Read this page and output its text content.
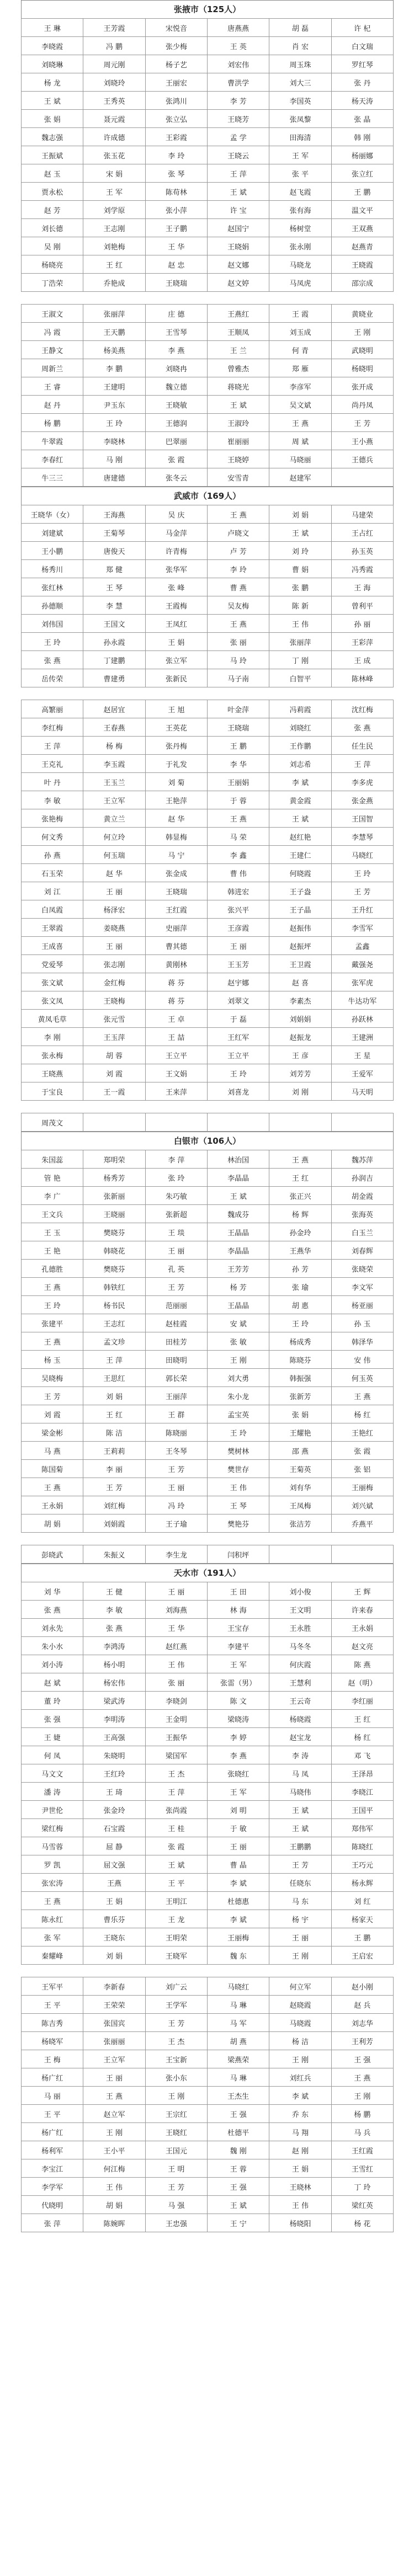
张掖市（125人）
王 琳	王芳霞	宋悦音	唐燕燕	胡 磊	许 杞
李晓霞	冯 鹏	张少梅	王 英	肖 宏	白文瑞
刘晓琳	周元刚	杨子艺	刘宏伟	周玉珠	罗红琴
杨 龙	刘晓玲	王丽宏	曹洪学	刘大三	张 丹
王 斌	王秀英	张鸿川	李 芳	李国英	杨天涛
张 娟	聂元霞	张立弘	王晓芳	张凤黎	张 晶
魏志强	许成德	王彩霞	孟 学	田海清	韩 刚
王振斌	张玉花	李 玲	王晓云	王 军	杨丽娜
赵 玉	宋 娟	张 琴	王 萍	张 平	张立红
贾永松	王 军	陈苟林	王 斌	赵飞霞	王 鹏
赵 芳	刘学原	张小萍	许 宝	张有海	温文平
刘长德	王志刚	王子鹏	赵国宁	杨树堂	王双燕
吴 刚	刘艳梅	王 华	王晓娟	张永刚	赵燕青
杨晓亮	王 红	赵 忠	赵文娜	马晓龙	王晓霞
丁浩荣	乔艳成	王晓瑞	赵文婷	马凤虎	邵宗成
王淑文	张丽萍	庄 德	王燕红	王 霞	黄晓业
冯 霞	王天鹏	王雪琴	王顺凤	刘玉成	王 刚
王静文	杨美燕	李 燕	王 兰	何 青	武晓明
周新兰	李 鹏	刘晓冉	曾雅杰	郑 雁	杨晓明
王 睿	王建明	魏立德	蒋晓光	李彦军	张开成
赵 丹	尹玉东	王晓敏	王 斌	吴文斌	尚丹凤
杨 鹏	王 玲	王德润	王淑玲	王 燕	王 芳
牛翠霞	李晓林	巴翠丽	崔丽丽	周 斌	王小燕
李春红	马 刚	张 霞	王晓婷	马晓丽	王德兵
牛三三	唐建德	张冬云	安雪青	赵建军	
武威市（169人）
王晓华（女）	王海燕	吴 庆	王 燕	刘 娟	马建荣
刘建斌	王菊琴	马金萍	卢晓文	王 斌	王占红
王小鹏	唐俊天	许青梅	卢 芳	刘 玲	孙玉英
杨秀川	郑 健	张华军	李 玲	曹 娟	冯秀霞
张红林	王 琴	张 峰	曹 燕	张 鹏	王 海
孙德顺	李 慧	王霞梅	吴友梅	陈 新	曾利平
刘伟国	王国文	王凤红	王 燕	王 伟	孙 丽
王 玲	孙永霞	王 娟	张 丽	张丽萍	王彩萍
张 燕	丁建鹏	张立军	马 玲	丁 刚	王 成
岳传荣	曹建勇	张新民	马子南	白智平	陈林峰
高繁丽	赵居宜	王 旭	叶金萍	冯莉霞	沈红梅
李红梅	王春燕	王英花	王晓瑞	刘晓红	张 燕
王 萍	杨 梅	张丹梅	王 鹏	王作鹏	任生民
王克礼	李玉霞	于礼发	李 华	刘志希	王 萍
叶 丹	王玉兰	刘 菊	王丽娟	李 斌	李多虎
李 敏	王立军	王艳萍	于 蓉	黄金霞	张金燕
张艳梅	黄立兰	赵 华	王 燕	王 斌	王国智
何文秀	何立玲	韩显梅	马 荣	赵红艳	李慧琴
孙 燕	何玉瑞	马 宁	李 鑫	王建仁	马晓红
石玉荣	赵 华	张金成	曹 伟	何晓霞	王 玲
刘 江	王 丽	王晓瑞	韩进宏	王子盎	王 芳
白凤霞	杨泽宏	王红霞	张兴平	王子晶	王升红
王翠霞	姜晓燕	史丽萍	王彦霞	赵振伟	李雪军
王成喜	王 丽	曹其德	王 丽	赵振坪	孟鑫
党爱琴	张志刚	黄刚林	王玉芳	王卫霞	戴强尧
张文斌	金红梅	蒋 芬	赵宇娜	赵 喜	张军虎
张文凤	王晓梅	蒋 芬	刘翠文	李素杰	牛达功军
黄凤毛草	张元雪	王 卓	于 磊	刘娟娟	孙跃林
李 刚	王玉萍	王 喆	王红军	赵振龙	王建洲
张永梅	胡 蓉	王立平	王立平	王 彦	王 星
王晓燕	刘 霞	王文娟	王 玲	刘芳芳	王爱军
于宝良	王一霞	王来萍	刘喜龙	刘 刚	马天明
周茂文					
白银市（106人）
朱国蕊	郑明荣	李 萍	林治国	王 燕	魏苏萍
管 艳	杨秀芳	张 玲	李晶晶	王 红	孙润吉
李 广	张新丽	朱巧敏	王 斌	张正兴	胡金霞
王文兵	王晓丽	张新超	魏成芬	杨 辉	张海英
王 玉	樊晓芬	王 琰	王晶晶	孙金玲	白玉兰
王 艳	韩晓花	王 丽	李晶晶	王燕华	刘春辉
孔德胜	樊晓芬	孔 英	王芳芳	孙 芳	张晓荣
王 燕	韩铁红	王 芳	杨 芳	张 瑜	李文军
王 玲	杨书民	范丽丽	王晶晶	胡 惠	杨亚丽
张建平	王志红	赵桂霞	安 斌	王 玲	孙 玉
王 燕	孟文珍	田桂芳	张 敏	杨成秀	韩泽华
杨 玉	王 萍	田晓明	王 刚	陈晓芬	安 伟
吴晓梅	王思红	郭长荣	刘大勇	韩振强	何玉英
王 芳	刘 娟	王丽萍	朱小龙	张新芳	王 燕
刘 霞	王 红	王 群	孟宝英	张 娟	杨 红
梁金彬	陈 洁	陈晓丽	王 玲	王耀艳	王艳红
马 燕	王莉莉	王冬琴	樊树林	邵 燕	张 霞
陈国菊	李 丽	王 芳	樊世存	王菊英	张 铝
王 燕	王 芳	王 丽	王 伟	刘有华	王丽梅
王永娟	刘红梅	冯 玲	王 琴	王凤梅	刘兴斌
胡 娟	刘娟霞	王子瑜	樊艳芬	张洁芳	乔燕平
彭晓武	朱振义	李生龙	闫积坪		
天水市（191人）
刘 华	王 健	王 丽	王 田	刘小俊	王 辉
张 燕	李 敏	刘海燕	林 海	王文明	许来春
刘永先	张 燕	王 华	王宝存	王永胜	王永娟
朱小水	李鸿涛	赵红燕	李建平	马冬冬	赵文亮
刘小涛	杨小明	王 伟	王 军	何庆霞	陈 燕
赵 斌	杨宏伟	张 丽	张雷（男）	王慧利	赵（明）
董 玲	梁武涛	李晓剑	陈 文	王云奇	李红丽
张 强	李明涛	王金明	梁晓涛	杨晓霞	王 红
王 婕	王高强	王振华	李 婷	赵宝龙	杨 红
何 凤	朱晓明	梁国军	李 燕	李 涛	邓 飞
马文文	王红玲	王 杰	张晓红	马 凤	王泽昂
潘 涛	王 琦	王 萍	王 军	马晓伟	李晓江
尹世伦	张金玲	张尚霞	刘 明	王 斌	王国平
梁红梅	石宝霞	王 桂	于 敏	王 斌	郑伟军
马雪蓉	屈 静	张 霞	王 丽	王鹏鹏	陈晓红
罗 凯	屈文强	王 斌	曹 晶	王 芳	王巧元
张宏涛	王燕	王 平	李 斌	任晓东	杨永辉
王 燕	王 娟	王明江	杜德惠	马 东	刘 红
陈永红	曹乐芬	王 龙	李 斌	杨 宇	杨家天
张 军	王晓东	王明荣	王丽梅	王 丽	王 鹏
秦耀峰	刘 娟	王晓军	魏 东	王 刚	王启宏
王军平	李新春	刘广云	马晓红	何立军	赵小刚
王 平	王荣荣	王学军	马 琳	赵晓霞	赵 兵
陈吉秀	张国宾	王 芳	马 军	马晓霞	刘志华
杨晓军	张丽丽	王 杰	胡 燕	杨 洁	王利芳
王 梅	王立军	王宝新	梁燕荣	王 刚	王 强
杨广红	王 丽	张小东	马 琳	刘红兵	王 燕
马 丽	王 燕	王 刚	王杰生	李 斌	王 刚
王 平	赵立军	王宗红	王 强	乔 东	杨 鹏
杨广红	王 刚	王晓红	杜德平	马 翔	马 兵
杨利军	王小平	王国元	魏 刚	赵 刚	王红霞
李宝江	何江梅	王 明	王 蓉	王 娟	王雪红
李学军	王 伟	王 芳	王 强	王晓林	丁 玲
代晓明	胡 娟	马 强	王 斌	王 伟	梁红英
张 萍	陈婉晖	王忠强	王 宁	杨晓阳	杨 花
